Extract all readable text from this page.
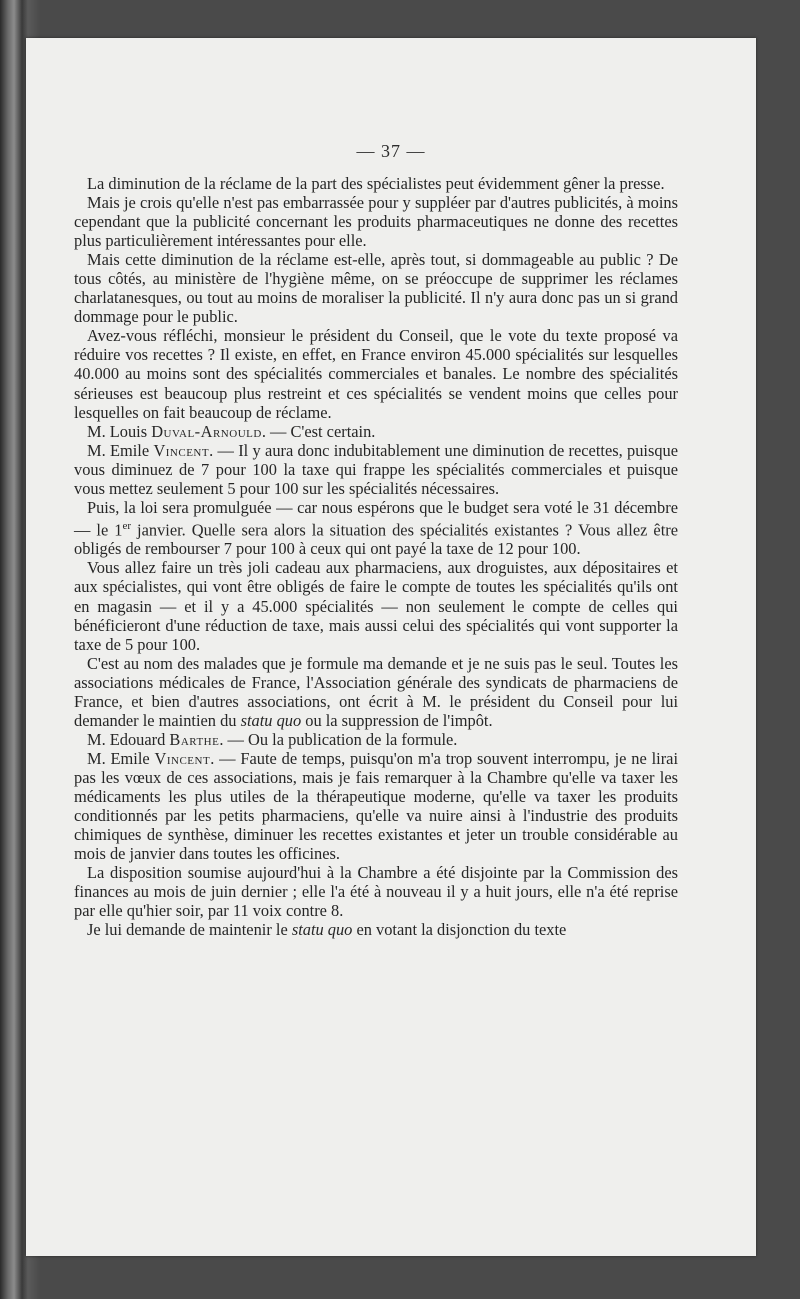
— 37 —

La diminution de la réclame de la part des spécialistes peut évidemment gêner la presse.

Mais je crois qu'elle n'est pas embarrassée pour y suppléer par d'autres publicités, à moins cependant que la publicité concernant les produits pharmaceutiques ne donne des recettes plus particulièrement intéressantes pour elle.

Mais cette diminution de la réclame est-elle, après tout, si dommageable au public ? De tous côtés, au ministère de l'hygiène même, on se préoccupe de supprimer les réclames charlatanesques, ou tout au moins de moraliser la publicité. Il n'y aura donc pas un si grand dommage pour le public.

Avez-vous réfléchi, monsieur le président du Conseil, que le vote du texte proposé va réduire vos recettes ? Il existe, en effet, en France environ 45.000 spécialités sur lesquelles 40.000 au moins sont des spécialités commerciales et banales. Le nombre des spécialités sérieuses est beaucoup plus restreint et ces spécialités se vendent moins que celles pour lesquelles on fait beaucoup de réclame.

M. Louis Duval-Arnould. — C'est certain.

M. Emile Vincent. — Il y aura donc indubitablement une diminution de recettes, puisque vous diminuez de 7 pour 100 la taxe qui frappe les spécialités commerciales et puisque vous mettez seulement 5 pour 100 sur les spécialités nécessaires.

Puis, la loi sera promulguée — car nous espérons que le budget sera voté le 31 décembre — le 1er janvier. Quelle sera alors la situation des spécialités existantes ? Vous allez être obligés de rembourser 7 pour 100 à ceux qui ont payé la taxe de 12 pour 100.

Vous allez faire un très joli cadeau aux pharmaciens, aux droguistes, aux dépositaires et aux spécialistes, qui vont être obligés de faire le compte de toutes les spécialités qu'ils ont en magasin — et il y a 45.000 spécialités — non seulement le compte de celles qui bénéficieront d'une réduction de taxe, mais aussi celui des spécialités qui vont supporter la taxe de 5 pour 100.

C'est au nom des malades que je formule ma demande et je ne suis pas le seul. Toutes les associations médicales de France, l'Association générale des syndicats de pharmaciens de France, et bien d'autres associations, ont écrit à M. le président du Conseil pour lui demander le maintien du statu quo ou la suppression de l'impôt.

M. Edouard Barthe. — Ou la publication de la formule.

M. Emile Vincent. — Faute de temps, puisqu'on m'a trop souvent interrompu, je ne lirai pas les vœux de ces associations, mais je fais remarquer à la Chambre qu'elle va taxer les médicaments les plus utiles de la thérapeutique moderne, qu'elle va taxer les produits conditionnés par les petits pharmaciens, qu'elle va nuire ainsi à l'industrie des produits chimiques de synthèse, diminuer les recettes existantes et jeter un trouble considérable au mois de janvier dans toutes les officines.

La disposition soumise aujourd'hui à la Chambre a été disjointe par la Commission des finances au mois de juin dernier ; elle l'a été à nouveau il y a huit jours, elle n'a été reprise par elle qu'hier soir, par 11 voix contre 8.

Je lui demande de maintenir le statu quo en votant la disjonction du texte
